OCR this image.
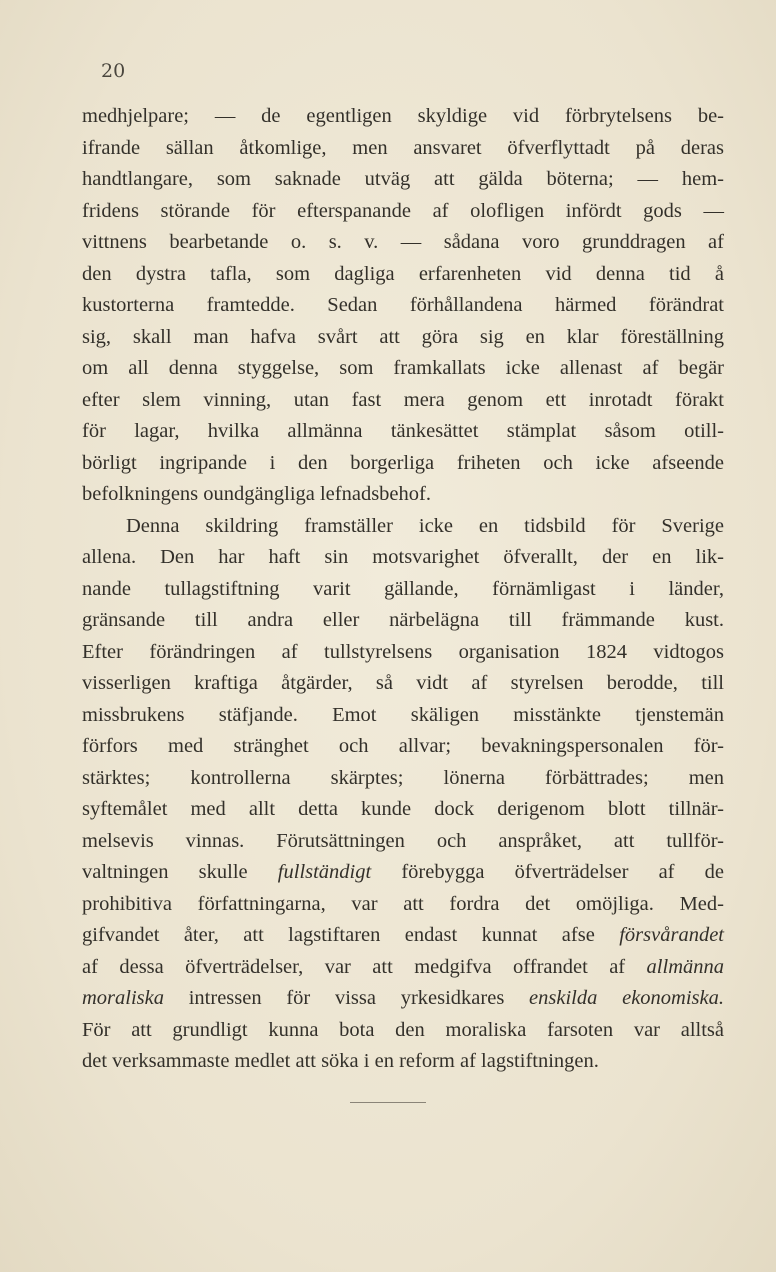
20
medhjelpare; — de egentligen skyldige vid förbrytelsens be-
ifrande sällan åtkomlige, men ansvaret öfverflyttadt på deras
handtlangare, som saknade utväg att gälda böterna; — hem-
fridens störande för efterspanande af olofligen infördt gods —
vittnens bearbetande o. s. v. — sådana voro grunddragen af
den dystra tafla, som dagliga erfarenheten vid denna tid å
kustorterna framtedde. Sedan förhållandena härmed förändrat
sig, skall man hafva svårt att göra sig en klar föreställning
om all denna styggelse, som framkallats icke allenast af begär
efter slem vinning, utan fast mera genom ett inrotadt förakt
för lagar, hvilka allmänna tänkesättet stämplat såsom otill-
börligt ingripande i den borgerliga friheten och icke afseende
befolkningens oundgängliga lefnadsbehof.
Denna skildring framställer icke en tidsbild för Sverige
allena. Den har haft sin motsvarighet öfverallt, der en lik-
nande tullagstiftning varit gällande, förnämligast i länder,
gränsande till andra eller närbelägna till främmande kust.
Efter förändringen af tullstyrelsens organisation 1824 vidtogos
visserligen kraftiga åtgärder, så vidt af styrelsen berodde, till
missbrukens stäfjande. Emot skäligen misstänkte tjenstemän
förfors med stränghet och allvar; bevakningspersonalen för-
stärktes; kontrollerna skärptes; lönerna förbättrades; men
syftemålet med allt detta kunde dock derigenom blott tillnär-
melsevis vinnas. Förutsättningen och anspråket, att tullför-
valtningen skulle fullständigt förebygga öfverträdelser af de
prohibitiva författningarna, var att fordra det omöjliga. Med-
gifvandet åter, att lagstiftaren endast kunnat afse försvårandet
af dessa öfverträdelser, var att medgifva offrandet af allmänna
moraliska intressen för vissa yrkesidkares enskilda ekonomiska.
För att grundligt kunna bota den moraliska farsoten var alltså
det verksammaste medlet att söka i en reform af lagstiftningen.
